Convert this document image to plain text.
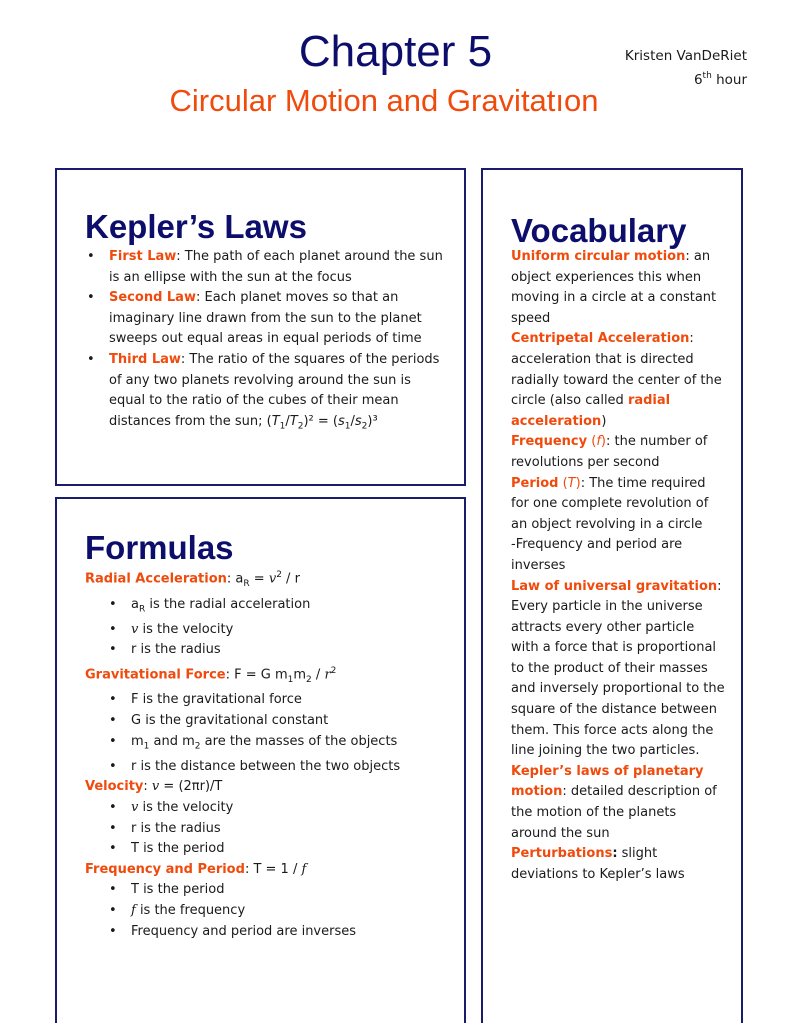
Chapter 5
Circular Motion and Gravitatıon
Kristen VanDeRiet
6th hour
Kepler’s Laws
• First Law: The path of each planet around the sun is an ellipse with the sun at the focus
• Second Law: Each planet moves so that an imaginary line drawn from the sun to the planet sweeps out equal areas in equal periods of time
• Third Law: The ratio of the squares of the periods of any two planets revolving around the sun is equal to the ratio of the cubes of their mean distances from the sun; $(T_1/T_2)^2 = (s_1/s_2)^3$
Formulas
Radial Acceleration: $a_R = v^2 / r$
• $a_R$ is the radial acceleration
• v is the velocity
• r is the radius
Gravitational Force: F = G $m_1m_2 / r^2$
• F is the gravitational force
• G is the gravitational constant
• $m_1$ and $m_2$ are the masses of the objects
• r is the distance between the two objects
Velocity: v = (2πr)/T
• v is the velocity
• r is the radius
• T is the period
Frequency and Period: T = 1 / f
• T is the period
• f is the frequency
• Frequency and period are inverses
Vocabulary
Uniform circular motion: an object experiences this when moving in a circle at a constant speed
Centripetal Acceleration: acceleration that is directed radially toward the center of the circle (also called radial acceleration)
Frequency (f): the number of revolutions per second
Period (T): The time required for one complete revolution of an object revolving in a circle
-Frequency and period are inverses
Law of universal gravitation: Every particle in the universe attracts every other particle with a force that is proportional to the product of their masses and inversely proportional to the square of the distance between them. This force acts along the line joining the two particles.
Kepler’s laws of planetary motion: detailed description of the motion of the planets around the sun
Perturbations: slight deviations to Kepler’s laws
